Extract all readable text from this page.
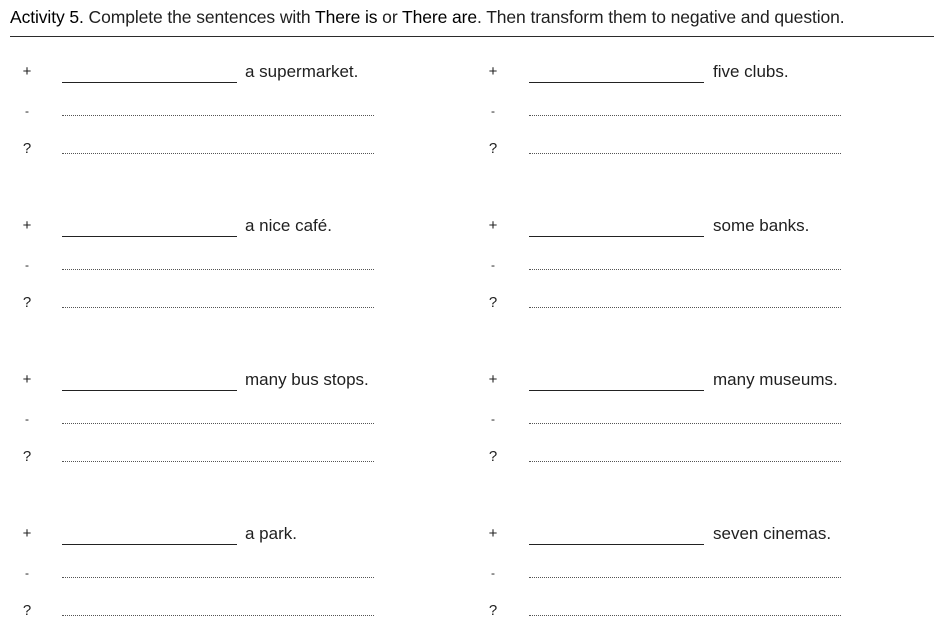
Activity 5. Complete the sentences with There is or There are. Then transform them to negative and question.
+	a supermarket.
-
?
+	a nice café.
-
?
+	many bus stops.
-
?
+	a park.
-
?
+	five clubs.
-
?
+	some banks.
-
?
+	many museums.
-
?
+	seven cinemas.
-
?
